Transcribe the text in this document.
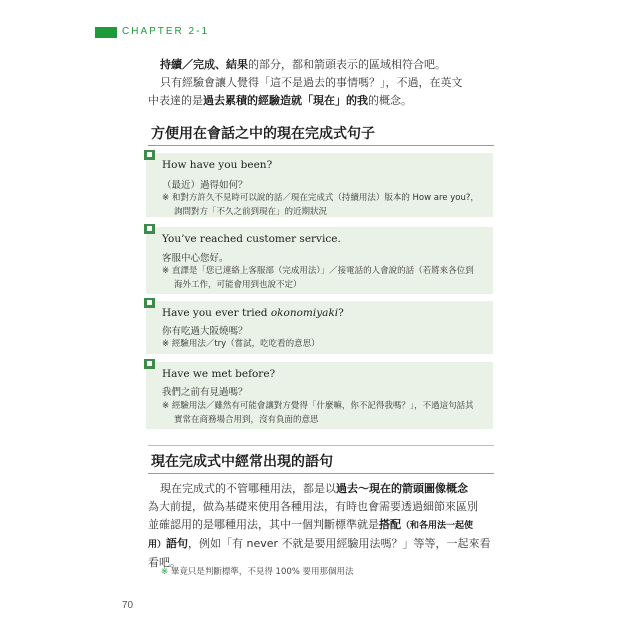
CHAPTER 2-1

持續／完成、結果的部分，都和箭頭表示的區域相符合吧。

只有經驗會讓人覺得「這不是過去的事情嗎？」，不過，在英文

中表達的是過去累積的經驗造就「現在」的我的概念。

方便用在會話之中的現在完成式句子
How have you been?
（最近）過得如何？
※ 和對方許久不見時可以說的話／現在完成式（持續用法）版本的 How are you?，
詢問對方「不久之前到現在」的近期狀況
You’ve reached customer service.
客服中心您好。
※ 直譯是「您已連絡上客服部（完成用法）」／接電話的人會說的話（若將來各位到
海外工作，可能會用到也說不定）
Have you ever tried okonomiyaki?
你有吃過大阪燒嗎？
※ 經驗用法／try（嘗試，吃吃看的意思）
Have we met before?
我們之前有見過嗎？
※ 經驗用法／雖然有可能會讓對方覺得「什麼嘛，你不記得我嗎？」，不過這句話其
實常在商務場合用到，沒有負面的意思
現在完成式中經常出現的語句

現在完成式的不管哪種用法，都是以過去〜現在的箭頭圖像概念

為大前提，做為基礎來使用各種用法，有時也會需要透過細節來區別

並確認用的是哪種用法，其中一個判斷標準就是搭配（和各用法一起使

用）語句，例如「有 never 不就是要用經驗用法嗎？」等等，一起來看

看吧。

※ 畢竟只是判斷標準，不見得 100% 要用那個用法
70
